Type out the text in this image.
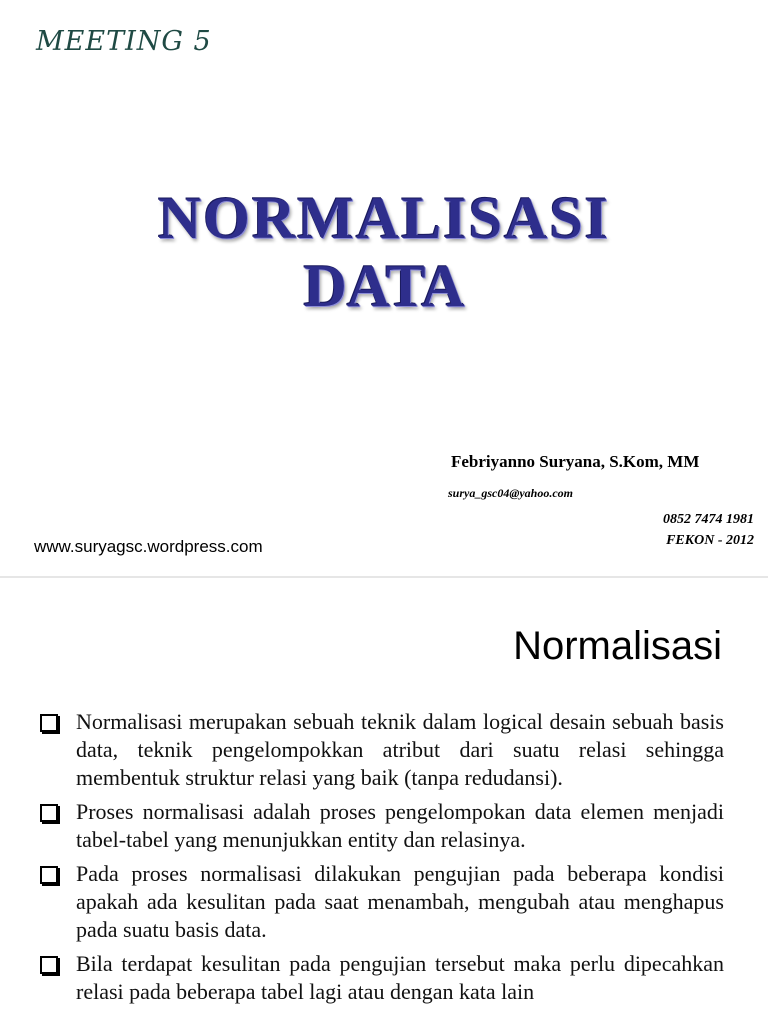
MEETING 5
NORMALISASI
DATA
Febriyanno Suryana, S.Kom, MM
surya_gsc04@yahoo.com
0852 7474 1981
FEKON - 2012
www.suryagsc.wordpress.com
Normalisasi
Normalisasi merupakan sebuah teknik dalam logical desain sebuah basis data, teknik pengelompokkan atribut dari suatu relasi sehingga membentuk struktur relasi yang baik (tanpa redudansi).
Proses normalisasi adalah proses pengelompokan data elemen menjadi tabel-tabel yang menunjukkan entity dan relasinya.
Pada proses normalisasi dilakukan pengujian pada beberapa kondisi apakah ada kesulitan pada saat menambah, mengubah atau menghapus pada suatu basis data.
Bila terdapat kesulitan pada pengujian tersebut maka perlu dipecahkan relasi pada beberapa tabel lagi atau dengan kata lain
